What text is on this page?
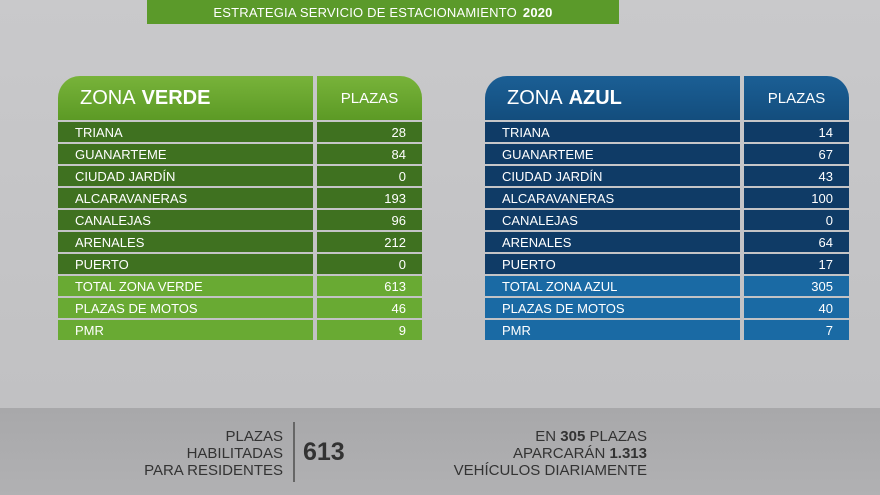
ESTRATEGIA SERVICIO DE ESTACIONAMIENTO 2020
ZONA VERDE	PLAZAS
TRIANA	28
GUANARTEME	84
CIUDAD JARDÍN	0
ALCARAVANERAS	193
CANALEJAS	96
ARENALES	212
PUERTO	0
TOTAL ZONA VERDE	613
PLAZAS DE MOTOS	46
PMR	9
ZONA AZUL	PLAZAS
TRIANA	14
GUANARTEME	67
CIUDAD JARDÍN	43
ALCARAVANERAS	100
CANALEJAS	0
ARENALES	64
PUERTO	17
TOTAL ZONA AZUL	305
PLAZAS DE MOTOS	40
PMR	7
PLAZAS
HABILITADAS
PARA RESIDENTES
613
EN 305 PLAZAS
APARCARÁN 1.313
VEHÍCULOS DIARIAMENTE
